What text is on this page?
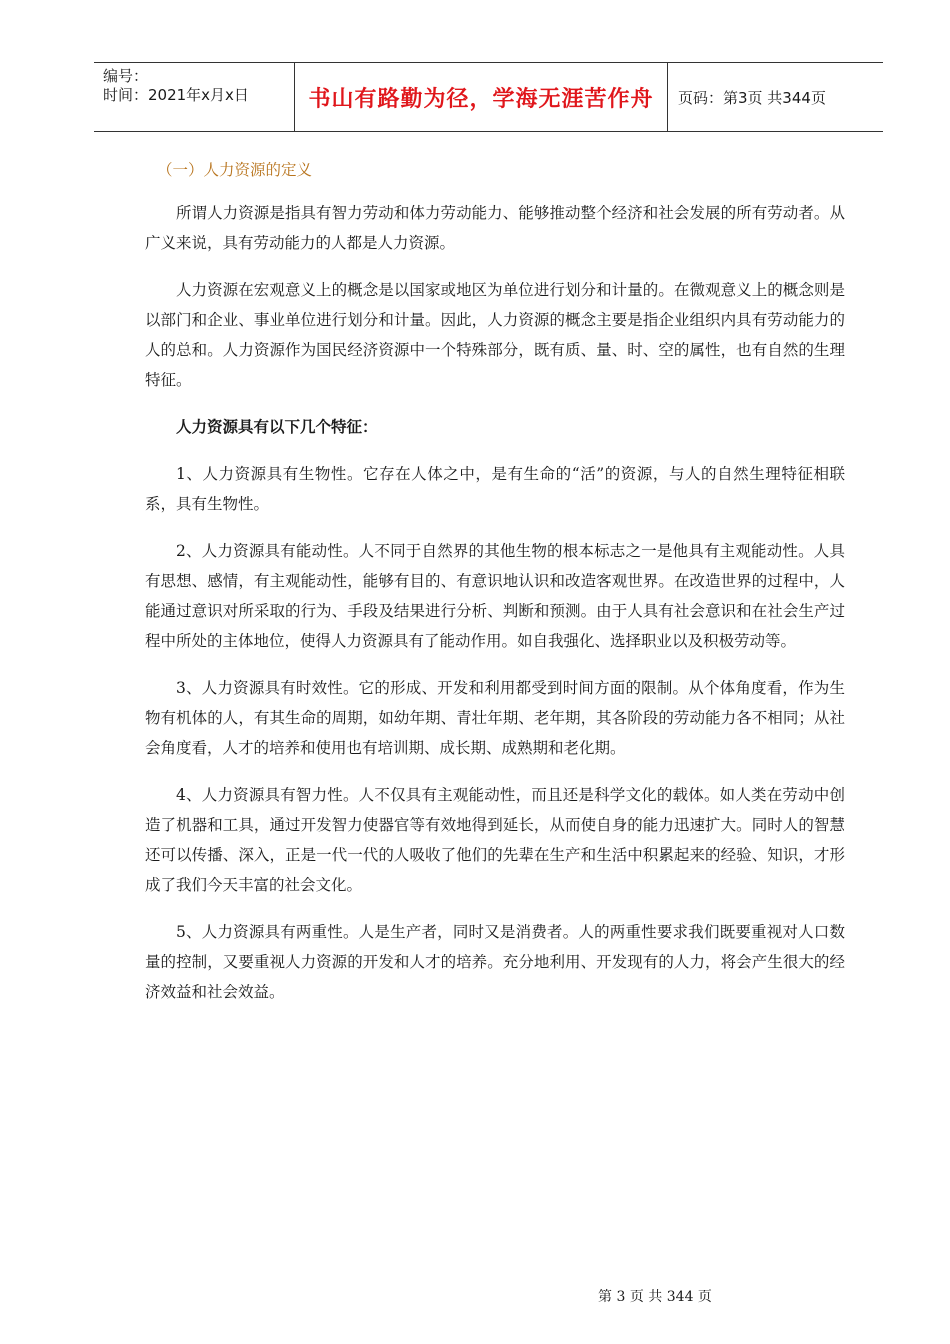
编号：
时间：2021年x月x日	书山有路勤为径，学海无涯苦作舟 页码：第3页 共344页

（一）人力资源的定义

所谓人力资源是指具有智力劳动和体力劳动能力、能够推动整个经济和社会发展的所有劳动者。从广义来说，具有劳动能力的人都是人力资源。

人力资源在宏观意义上的概念是以国家或地区为单位进行划分和计量的。在微观意义上的概念则是以部门和企业、事业单位进行划分和计量。因此，人力资源的概念主要是指企业组织内具有劳动能力的人的总和。人力资源作为国民经济资源中一个特殊部分，既有质、量、时、空的属性，也有自然的生理特征。

人力资源具有以下几个特征：

1、人力资源具有生物性。它存在人体之中，是有生命的“活”的资源，与人的自然生理特征相联系，具有生物性。

2、人力资源具有能动性。人不同于自然界的其他生物的根本标志之一是他具有主观能动性。人具有思想、感情，有主观能动性，能够有目的、有意识地认识和改造客观世界。在改造世界的过程中，人能通过意识对所采取的行为、手段及结果进行分析、判断和预测。由于人具有社会意识和在社会生产过程中所处的主体地位，使得人力资源具有了能动作用。如自我强化、选择职业以及积极劳动等。

3、人力资源具有时效性。它的形成、开发和利用都受到时间方面的限制。从个体角度看，作为生物有机体的人，有其生命的周期，如幼年期、青壮年期、老年期，其各阶段的劳动能力各不相同；从社会角度看，人才的培养和使用也有培训期、成长期、成熟期和老化期。

4、人力资源具有智力性。人不仅具有主观能动性，而且还是科学文化的载体。如人类在劳动中创造了机器和工具，通过开发智力使器官等有效地得到延长，从而使自身的能力迅速扩大。同时人的智慧还可以传播、深入，正是一代一代的人吸收了他们的先辈在生产和生活中积累起来的经验、知识，才形成了我们今天丰富的社会文化。

5、人力资源具有两重性。人是生产者，同时又是消费者。人的两重性要求我们既要重视对人口数量的控制，又要重视人力资源的开发和人才的培养。充分地利用、开发现有的人力，将会产生很大的经济效益和社会效益。

第 3 页 共 344 页
